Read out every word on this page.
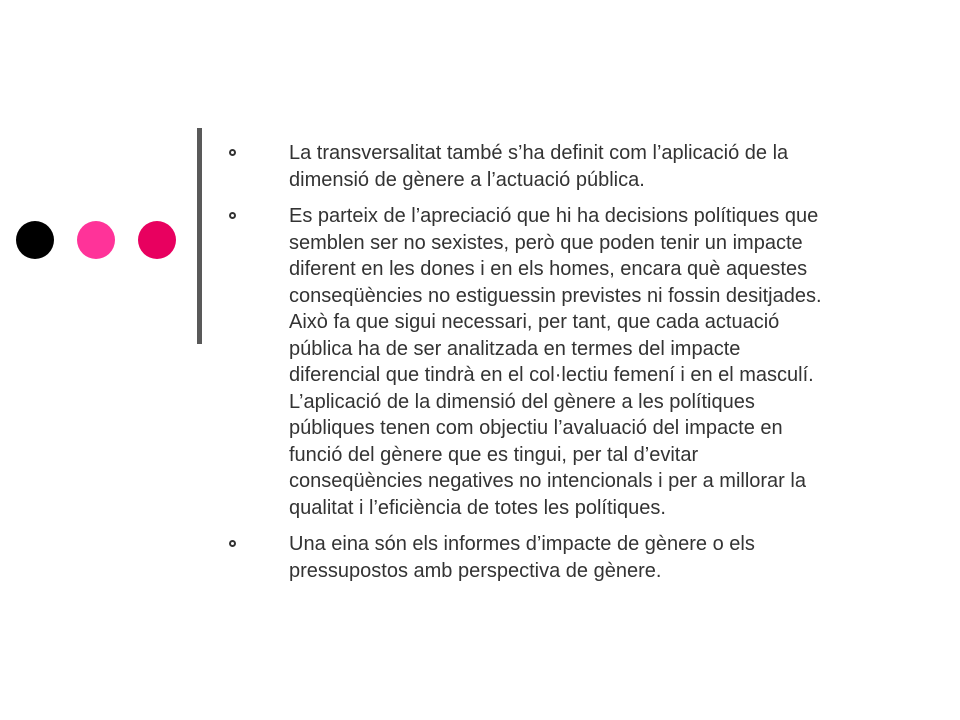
La transversalitat també s’ha definit com l’aplicació de la
dimensió de gènere a l’actuació pública.
Es parteix de l’apreciació que hi ha decisions polítiques que
semblen ser no sexistes, però que poden tenir un impacte
diferent en les dones i en els homes, encara què aquestes
conseqüències no estiguessin previstes ni fossin desitjades.
Això fa que sigui necessari, per tant, que cada actuació
pública ha de ser analitzada en termes del impacte
diferencial que tindrà en el col·lectiu femení i en el masculí.
L’aplicació de la dimensió del gènere a les polítiques
públiques tenen com objectiu l’avaluació del impacte en
funció del gènere que es tingui, per tal d’evitar
conseqüències negatives no intencionals i per a millorar la
qualitat i l’eficiència de totes les polítiques.
Una eina són els informes d’impacte de gènere o els
pressupostos amb perspectiva de gènere.
